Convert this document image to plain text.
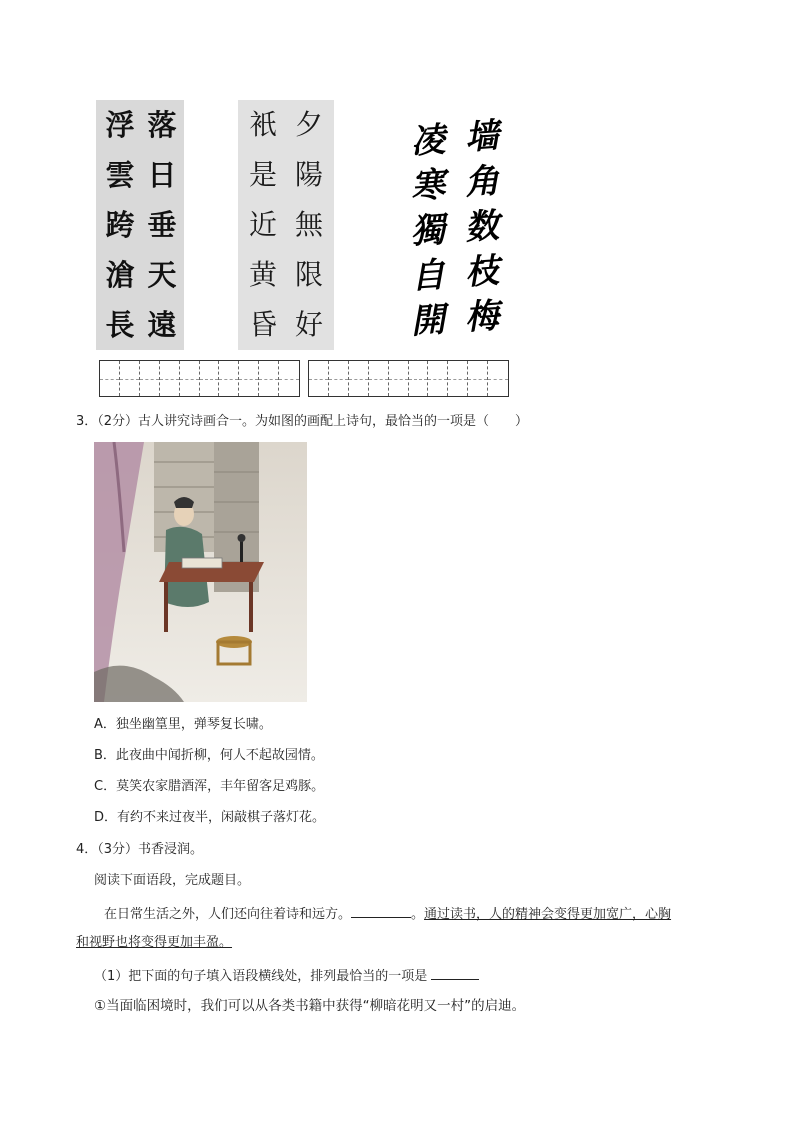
浮
雲
跨
滄
長
落
日
垂
天
遠
衹
是
近
黄
昏
夕
陽
無
限
好
凌
寒
獨
自
開
墙
角
数
枝
梅
3．（2分）古人讲究诗画合一。为如图的画配上诗句，最恰当的一项是（　　）
A．独坐幽篁里，弹琴复长啸。
B．此夜曲中闻折柳，何人不起故园情。
C．莫笑农家腊酒浑，丰年留客足鸡豚。
D．有约不来过夜半，闲敲棋子落灯花。
4．（3分）书香浸润。
阅读下面语段，完成题目。
在日常生活之外，人们还向往着诗和远方。	。通过读书，人的精神会变得更加宽广，心胸
和视野也将变得更加丰盈。
（1）把下面的句子填入语段横线处，排列最恰当的一项是
①当面临困境时，我们可以从各类书籍中获得“柳暗花明又一村”的启迪。
